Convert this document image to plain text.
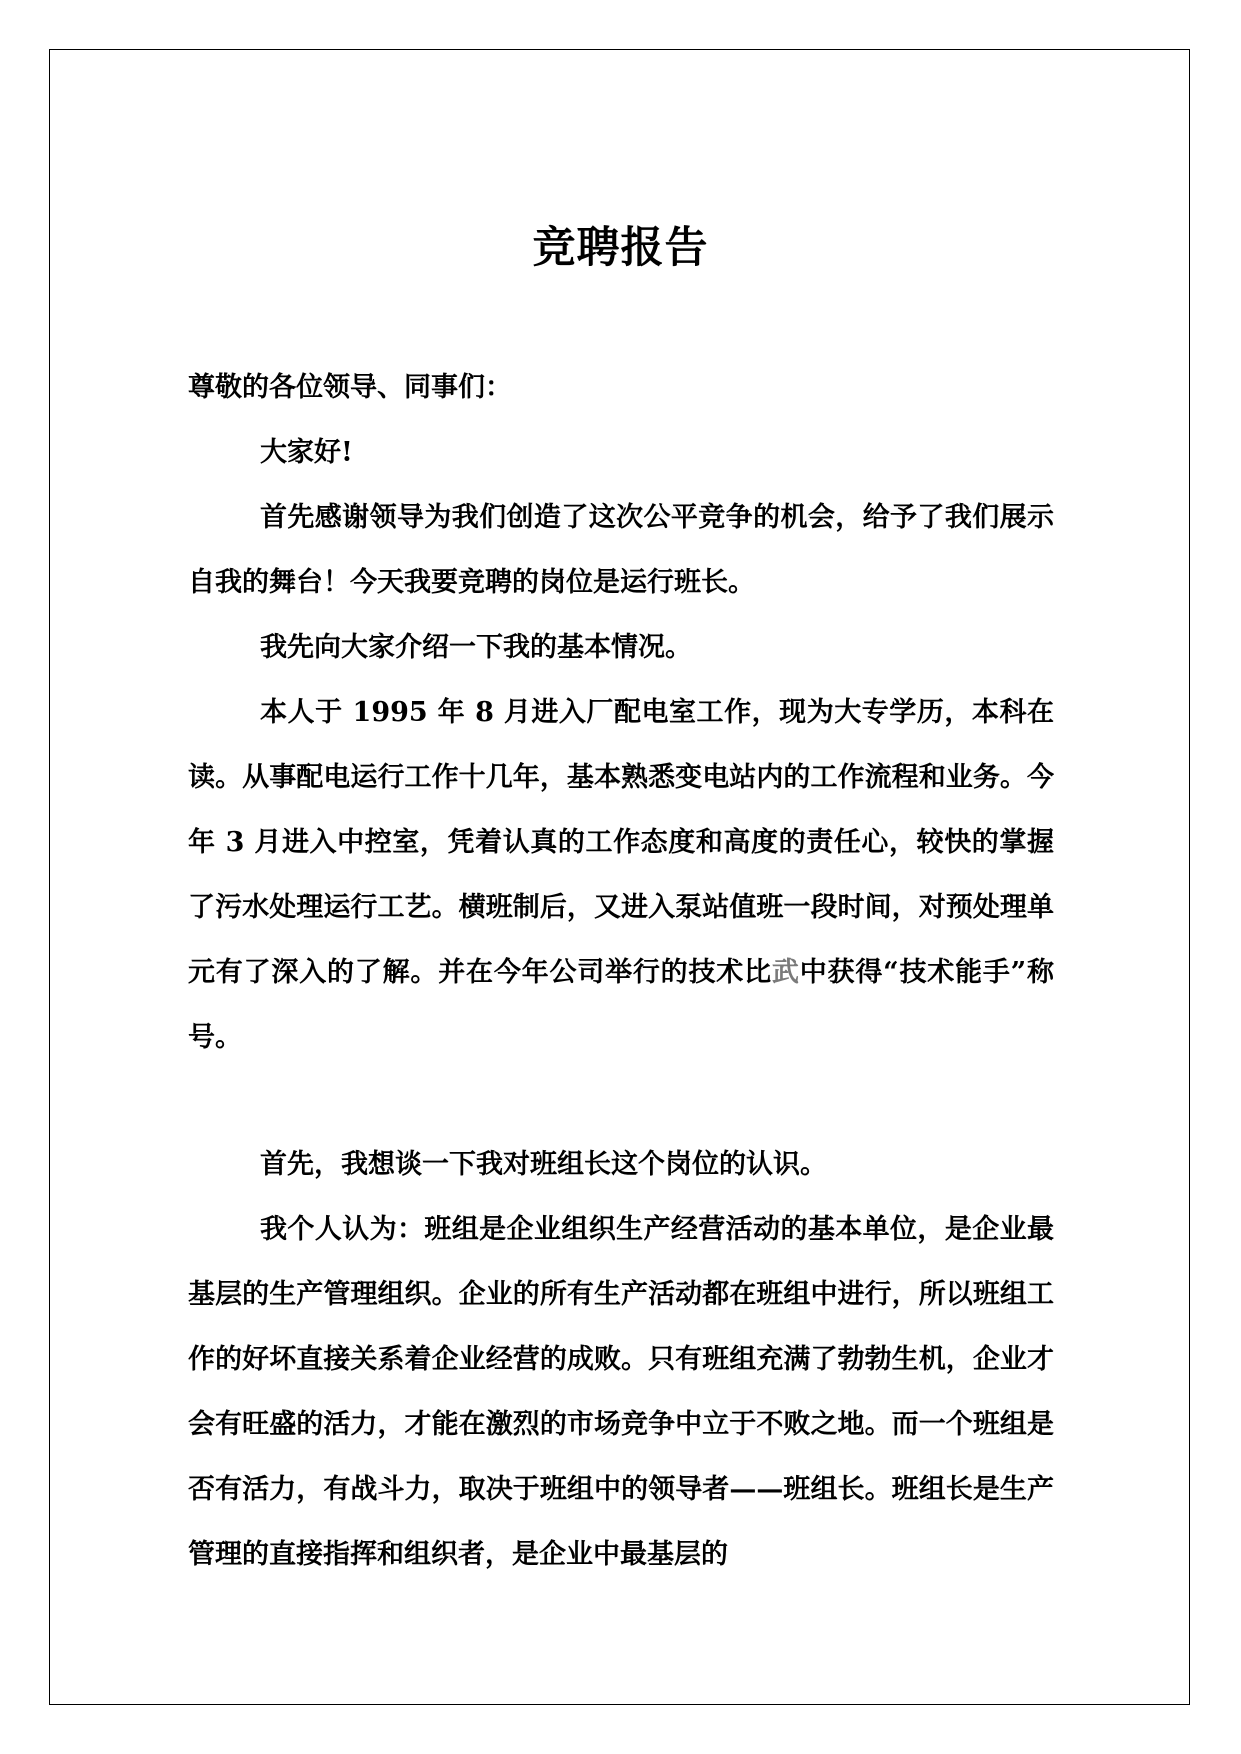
竞聘报告

尊敬的各位领导、同事们：

大家好!

首先感谢领导为我们创造了这次公平竞争的机会，给予了我们展示自我的舞台！今天我要竞聘的岗位是运行班长。

我先向大家介绍一下我的基本情况。

本人于 1995 年 8 月进入厂配电室工作，现为大专学历，本科在读。从事配电运行工作十几年，基本熟悉变电站内的工作流程和业务。今年 3 月进入中控室，凭着认真的工作态度和高度的责任心，较快的掌握了污水处理运行工艺。横班制后，又进入泵站值班一段时间，对预处理单元有了深入的了解。并在今年公司举行的技术比武中获得“技术能手”称号。

首先，我想谈一下我对班组长这个岗位的认识。

我个人认为：班组是企业组织生产经营活动的基本单位，是企业最基层的生产管理组织。企业的所有生产活动都在班组中进行，所以班组工作的好坏直接关系着企业经营的成败。只有班组充满了勃勃生机，企业才会有旺盛的活力，才能在激烈的市场竞争中立于不败之地。而一个班组是否有活力，有战斗力，取决于班组中的领导者——班组长。班组长是生产管理的直接指挥和组织者，是企业中最基层的
